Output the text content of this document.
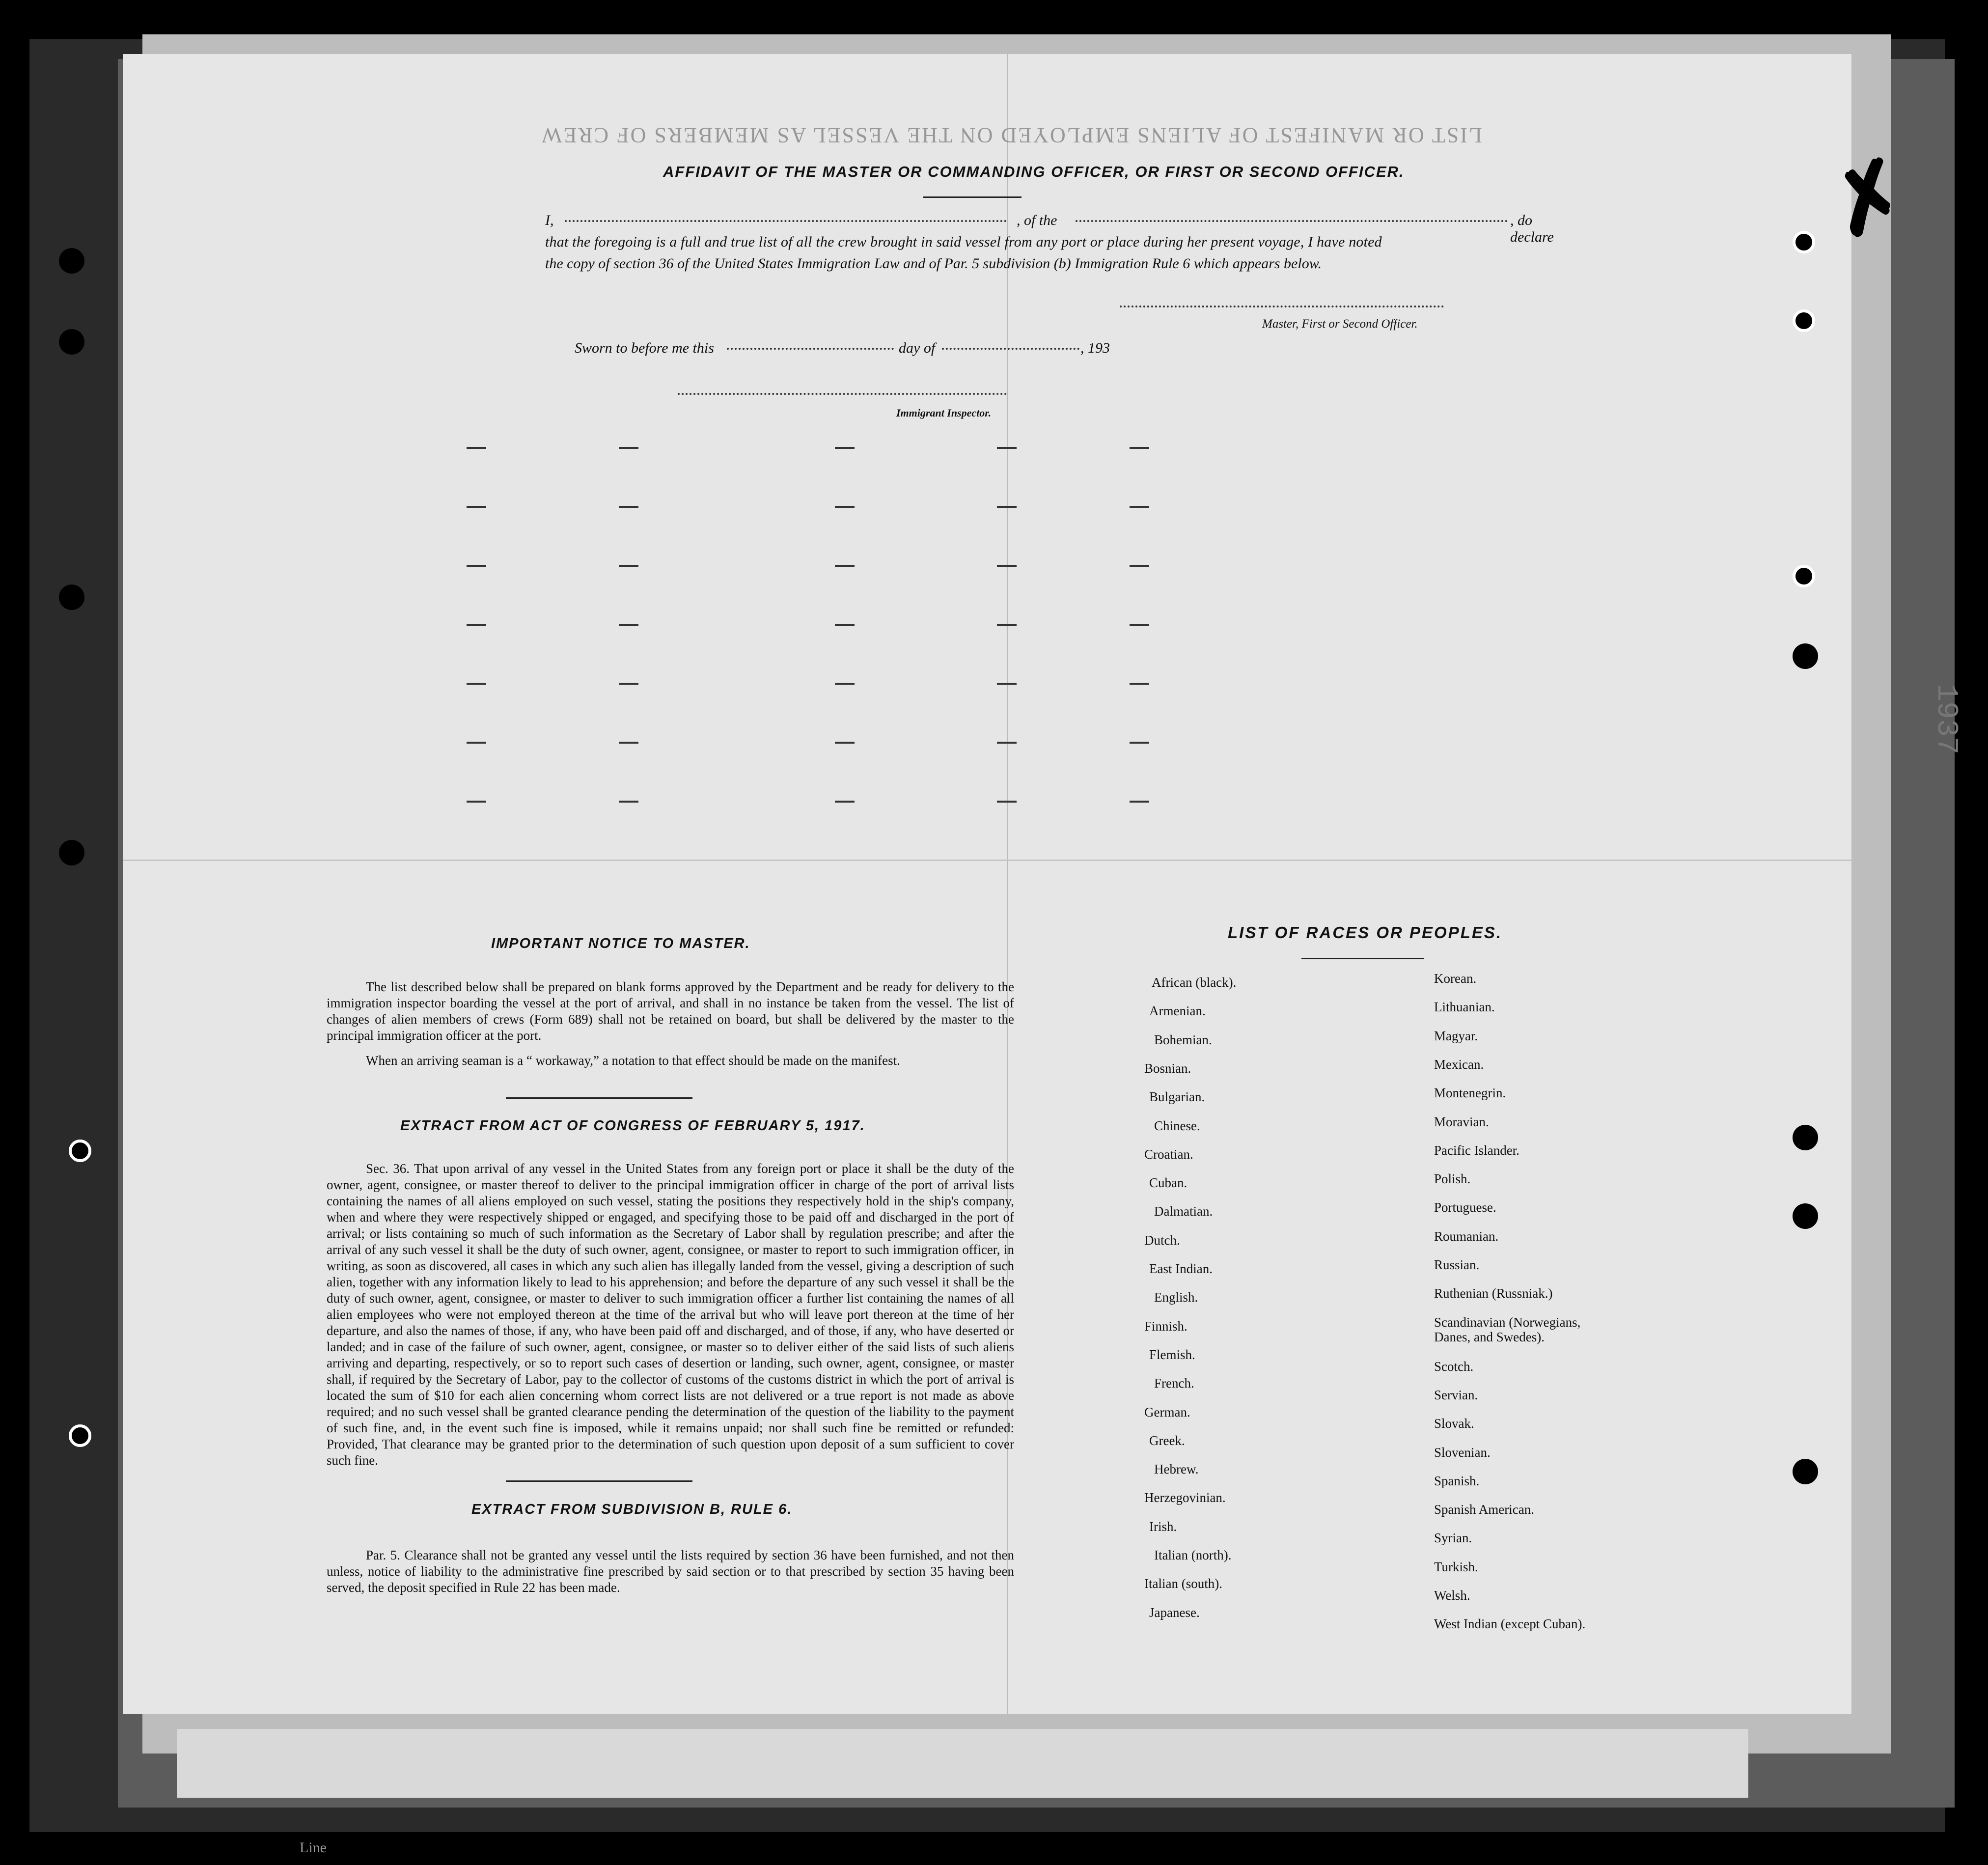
Line
LIST OR MANIFEST OF ALIENS EMPLOYED ON THE VESSEL AS MEMBERS OF CREW
AFFIDAVIT OF THE MASTER OR COMMANDING OFFICER, OR FIRST OR SECOND OFFICER.
I,	, of the	, do declare
that the foregoing is a full and true list of all the crew brought in said vessel from any port or place during her present voyage, I have noted
the copy of section 36 of the United States Immigration Law and of Par. 5 subdivision (b) Immigration Rule 6 which appears below.
Master, First or Second Officer.
Sworn to before me this	day of	, 193
Immigrant Inspector.
IMPORTANT NOTICE TO MASTER.
The list described below shall be prepared on blank forms approved by the Department and be ready for delivery to the immigration inspector boarding the vessel at the port of arrival, and shall in no instance be taken from the vessel. The list of changes of alien members of crews (Form 689) shall not be retained on board, but shall be delivered by the master to the principal immigration officer at the port.
When an arriving seaman is a “ workaway,” a notation to that effect should be made on the manifest.
EXTRACT FROM ACT OF CONGRESS OF FEBRUARY 5, 1917.
Sec. 36. That upon arrival of any vessel in the United States from any foreign port or place it shall be the duty of the owner, agent, consignee, or master thereof to deliver to the principal immigration officer in charge of the port of arrival lists containing the names of all aliens employed on such vessel, stating the positions they respectively hold in the ship's company, when and where they were respectively shipped or engaged, and specifying those to be paid off and discharged in the port of arrival; or lists containing so much of such information as the Secretary of Labor shall by regulation prescribe; and after the arrival of any such vessel it shall be the duty of such owner, agent, consignee, or master to report to such immigration officer, in writing, as soon as discovered, all cases in which any such alien has illegally landed from the vessel, giving a description of such alien, together with any information likely to lead to his apprehension; and before the departure of any such vessel it shall be the duty of such owner, agent, consignee, or master to deliver to such immigration officer a further list containing the names of all alien employees who were not employed thereon at the time of the arrival but who will leave port thereon at the time of her departure, and also the names of those, if any, who have been paid off and discharged, and of those, if any, who have deserted or landed; and in case of the failure of such owner, agent, consignee, or master so to deliver either of the said lists of such aliens arriving and departing, respectively, or so to report such cases of desertion or landing, such owner, agent, consignee, or master shall, if required by the Secretary of Labor, pay to the collector of customs of the customs district in which the port of arrival is located the sum of $10 for each alien concerning whom correct lists are not delivered or a true report is not made as above required; and no such vessel shall be granted clearance pending the determination of the question of the liability to the payment of such fine, and, in the event such fine is imposed, while it remains unpaid; nor shall such fine be remitted or refunded: Provided, That clearance may be granted prior to the determination of such question upon deposit of a sum sufficient to cover such fine.
EXTRACT FROM SUBDIVISION B, RULE 6.
Par. 5. Clearance shall not be granted any vessel until the lists required by section 36 have been furnished, and not then unless, notice of liability to the administrative fine prescribed by said section or to that prescribed by section 35 having been served, the deposit specified in Rule 22 has been made.
LIST OF RACES OR PEOPLES.
✗
1937
African (black).
Armenian.
Bohemian.
Bosnian.
Bulgarian.
Chinese.
Croatian.
Cuban.
Dalmatian.
Dutch.
East Indian.
English.
Finnish.
Flemish.
French.
German.
Greek.
Hebrew.
Herzegovinian.
Irish.
Italian (north).
Italian (south).
Japanese.
Korean.
Lithuanian.
Magyar.
Mexican.
Montenegrin.
Moravian.
Pacific Islander.
Polish.
Portuguese.
Roumanian.
Russian.
Ruthenian (Russniak.)
Scandinavian (Norwegians, Danes, and Swedes).
Scotch.
Servian.
Slovak.
Slovenian.
Spanish.
Spanish American.
Syrian.
Turkish.
Welsh.
West Indian (except Cuban).
